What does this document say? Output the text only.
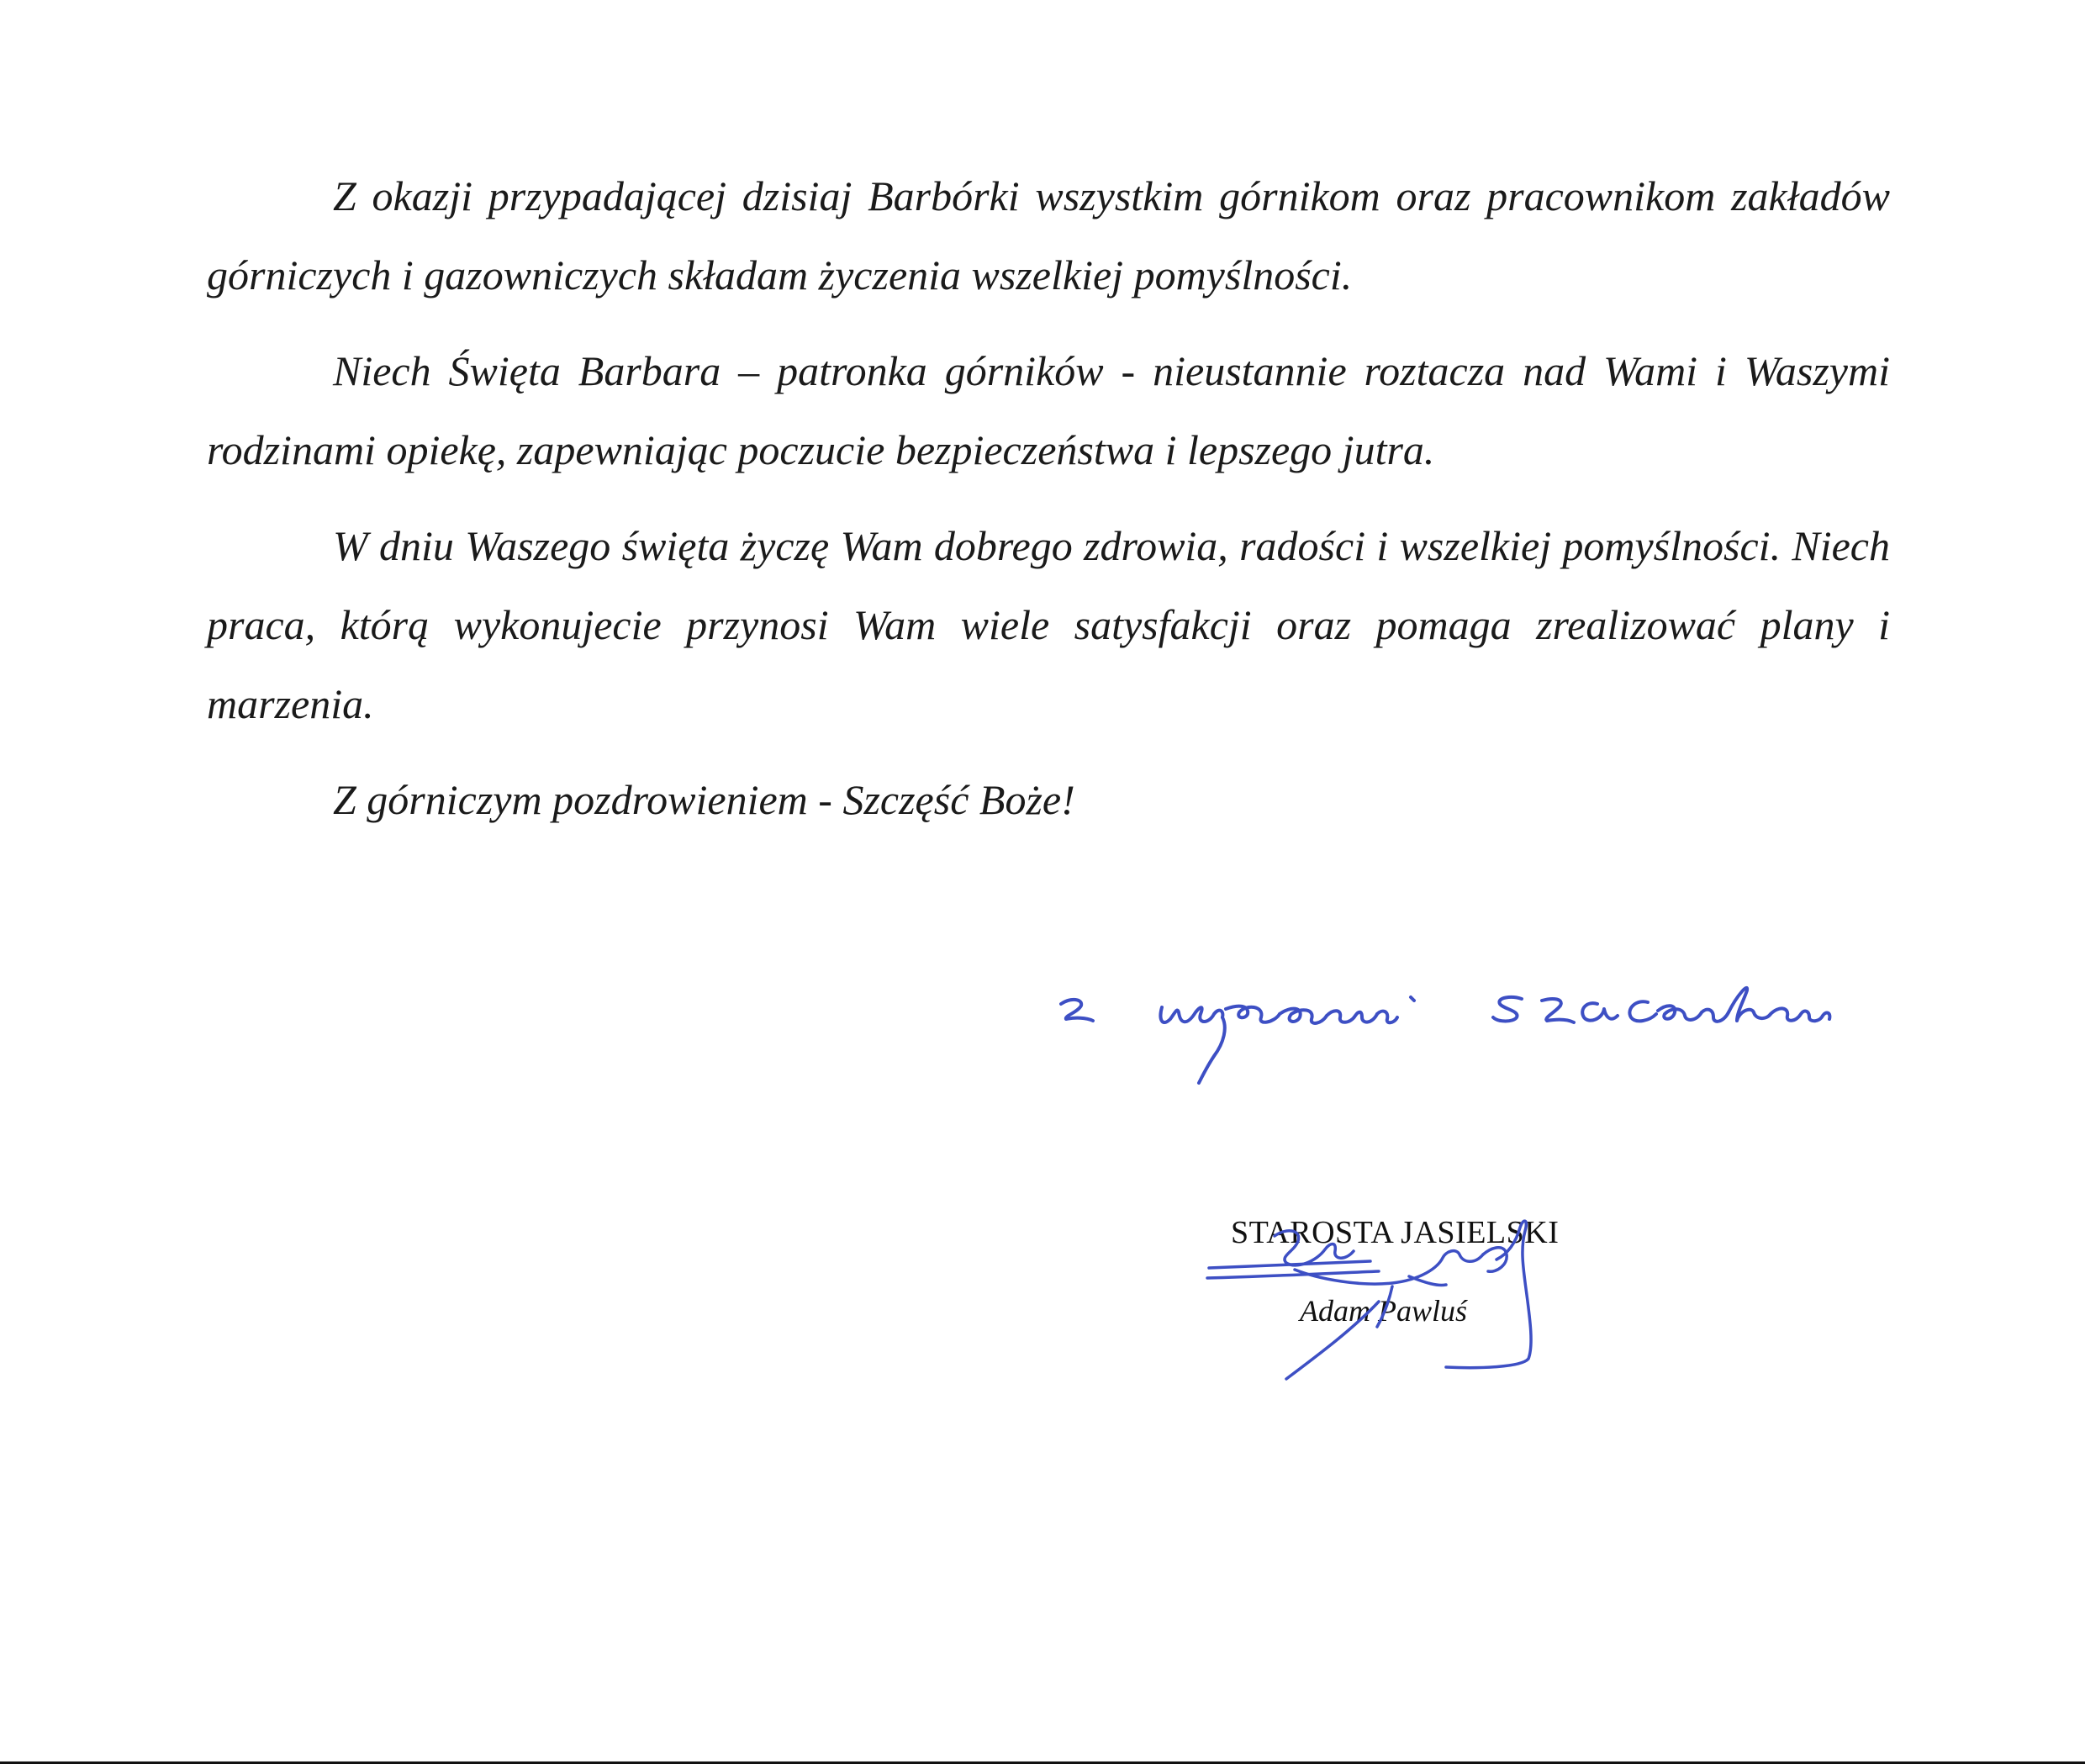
Z okazji przypadającej dzisiaj Barbórki wszystkim górnikom oraz pracownikom zakładów górniczych i gazowniczych składam życzenia wszelkiej pomyślności.

Niech Święta Barbara – patronka górników - nieustannie roztacza nad Wami i Waszymi rodzinami opiekę, zapewniając poczucie bezpieczeństwa i lepszego jutra.

W dniu Waszego święta życzę Wam dobrego zdrowia, radości i wszelkiej pomyślności. Niech praca, którą wykonujecie przynosi Wam wiele satysfakcji oraz pomaga zrealizować plany i marzenia.

Z górniczym pozdrowieniem - Szczęść Boże!

STAROSTA JASIELSKI
Adam Pawluś
